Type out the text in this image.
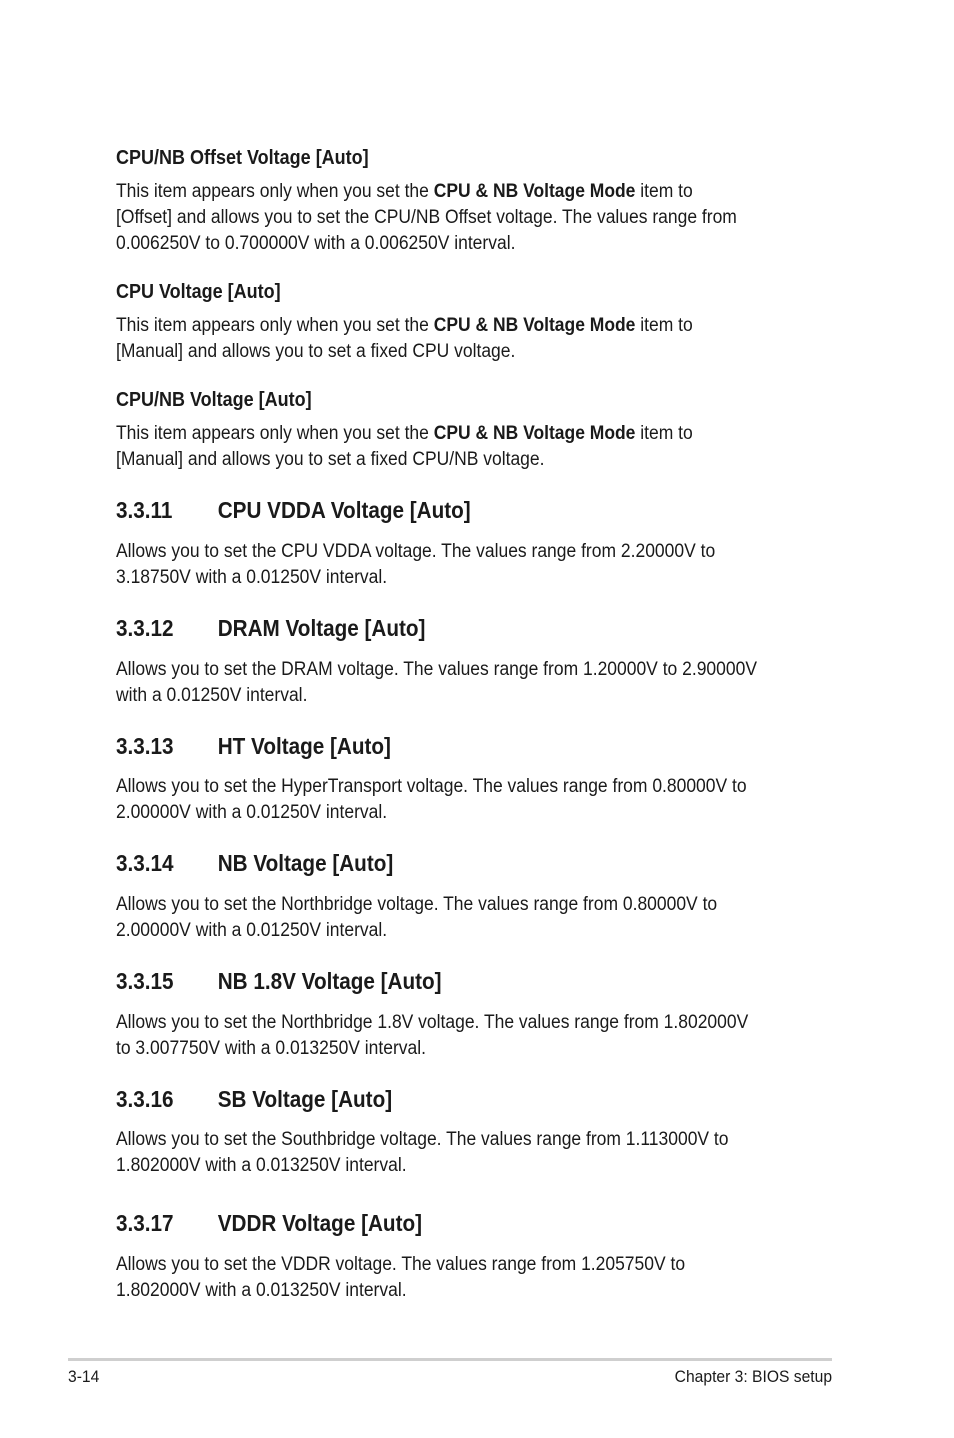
CPU/NB Offset Voltage [Auto]
This item appears only when you set the CPU & NB Voltage Mode item to
[Offset] and allows you to set the CPU/NB Offset voltage. The values range from
0.006250V to 0.700000V with a 0.006250V interval.
CPU Voltage [Auto]
This item appears only when you set the CPU & NB Voltage Mode item to
[Manual] and allows you to set a fixed CPU voltage.
CPU/NB Voltage [Auto]
This item appears only when you set the CPU & NB Voltage Mode item to
[Manual] and allows you to set a fixed CPU/NB voltage.
3.3.11 CPU VDDA Voltage [Auto]
Allows you to set the CPU VDDA voltage. The values range from 2.20000V to
3.18750V with a 0.01250V interval.
3.3.12 DRAM Voltage [Auto]
Allows you to set the DRAM voltage. The values range from 1.20000V to 2.90000V
with a 0.01250V interval.
3.3.13 HT Voltage [Auto]
Allows you to set the HyperTransport voltage. The values range from 0.80000V to
2.00000V with a 0.01250V interval.
3.3.14 NB Voltage [Auto]
Allows you to set the Northbridge voltage. The values range from 0.80000V to
2.00000V with a 0.01250V interval.
3.3.15 NB 1.8V Voltage [Auto]
Allows you to set the Northbridge 1.8V voltage. The values range from 1.802000V
to 3.007750V with a 0.013250V interval.
3.3.16 SB Voltage [Auto]
Allows you to set the Southbridge voltage. The values range from 1.113000V to
1.802000V with a 0.013250V interval.
3.3.17 VDDR Voltage [Auto]
Allows you to set the VDDR voltage. The values range from 1.205750V to
1.802000V with a 0.013250V interval.
3-14	Chapter 3: BIOS setup
